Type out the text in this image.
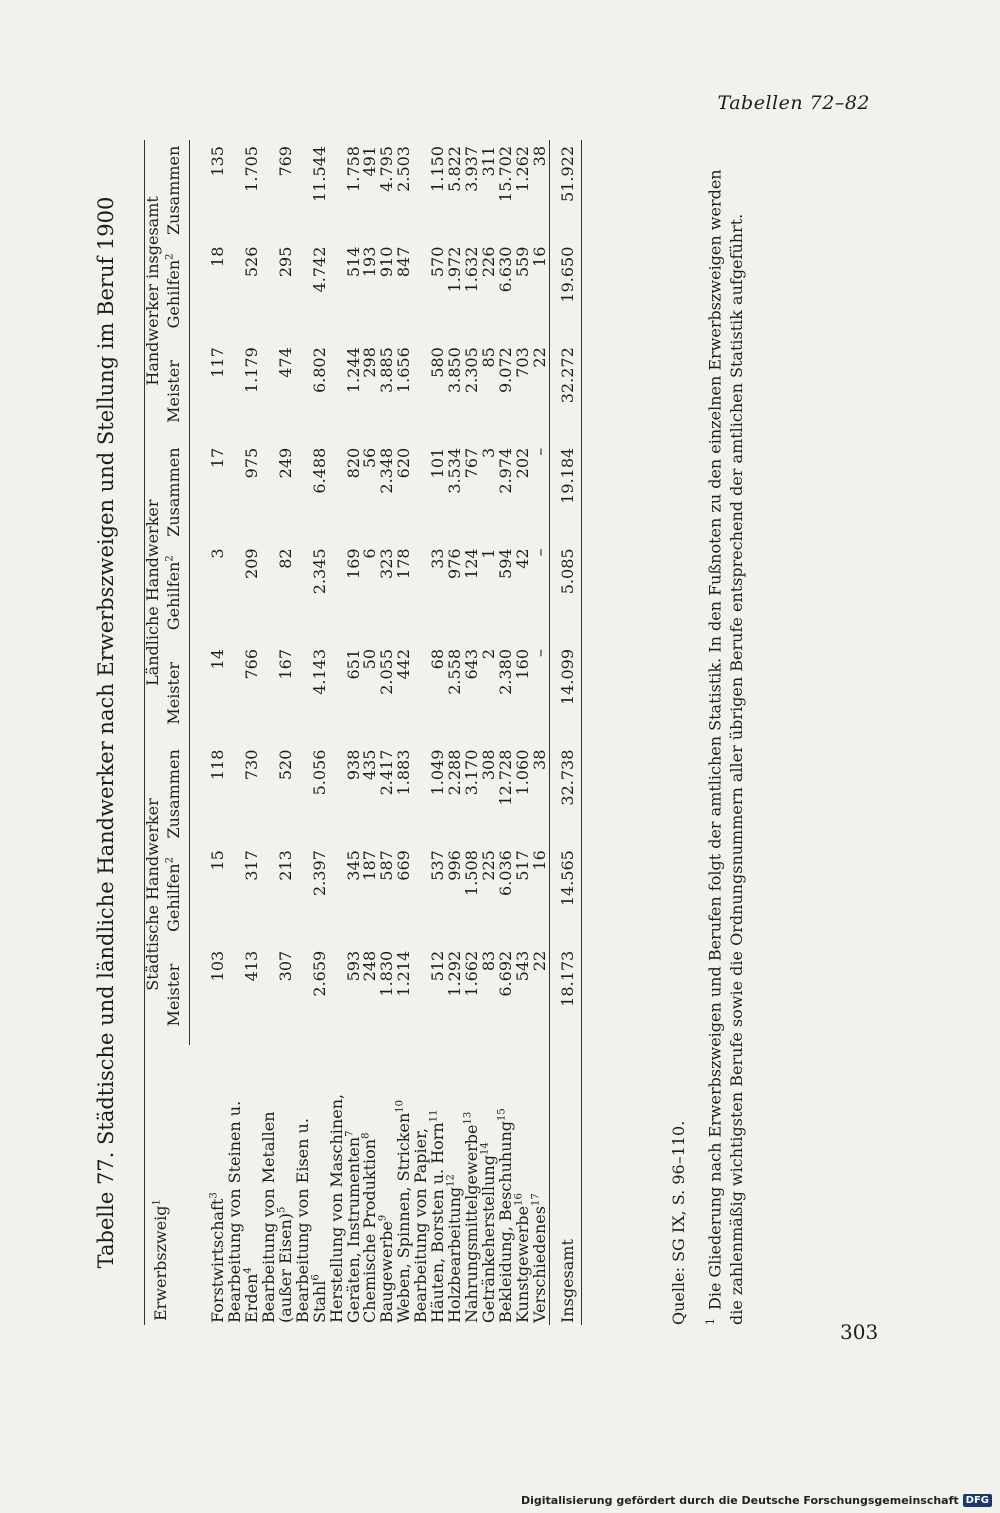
Tabellen 72–82
Tabelle 77. Städtische und ländliche Handwerker nach Erwerbszweigen und Stellung im Beruf 1900 Erwerbszweig$^1$	Städtische Handwerker			Ländliche Handwerker			Handwerker insgesamt		
	Meister	Gehilfen$^2$	Zusammen	Meister	Gehilfen$^2$	Zusammen	Meister	Gehilfen$^2$	Zusammen
Forstwirtschaft$^3$	103	15	118	14	3	17	117	18	135
Bearbeitung von Steinen u.									
Erden$^4$	413	317	730	766	209	975	1.179	526	1.705
Bearbeitung von Metallen									
(außer Eisen)$^5$	307	213	520	167	82	249	474	295	769
Bearbeitung von Eisen u.									
Stahl$^6$	2.659	2.397	5.056	4.143	2.345	6.488	6.802	4.742	11.544
Herstellung von Maschinen,									
Geräten, Instrumenten$^7$	593	345	938	651	169	820	1.244	514	1.758
Chemische Produktion$^8$	248	187	435	50	6	56	298	193	491
Baugewerbe$^9$	1.830	587	2.417	2.055	323	2.348	3.885	910	4.795
Weben, Spinnen, Stricken$^{10}$	1.214	669	1.883	442	178	620	1.656	847	2.503
Bearbeitung von Papier,									
Häuten, Borsten u. Horn$^{11}$	512	537	1.049	68	33	101	580	570	1.150
Holzbearbeitung$^{12}$	1.292	996	2.288	2.558	976	3.534	3.850	1.972	5.822
Nahrungsmittelgewerbe$^{13}$	1.662	1.508	3.170	643	124	767	2.305	1.632	3.937
Getränkeherstellung$^{14}$	83	225	308	2	1	3	85	226	311
Bekleidung, Beschuhung$^{15}$	6.692	6.036	12.728	2.380	594	2.974	9.072	6.630	15.702
Kunstgewerbe$^{16}$	543	517	1.060	160	42	202	703	559	1.262
Verschiedenes$^{17}$	22	16	38	–	–	–	22	16	38
Insgesamt	18.173	14.565	32.738	14.099	5.085	19.184	32.272	19.650	51.922

Quelle: SG IX, S. 96–110. $^1$Die Gliederung nach Erwerbszweigen und Berufen folgt der amtlichen Statistik. In den Fußnoten zu den einzelnen Erwerbszweigen werden die zahlenmäßig wichtigsten Berufe sowie die Ordnungsnummern aller übrigen Berufe entsprechend der amtlichen Statistik aufgeführt.
303
Digitalisierung gefördert durch die Deutsche Forschungsgemeinschaft DFG
